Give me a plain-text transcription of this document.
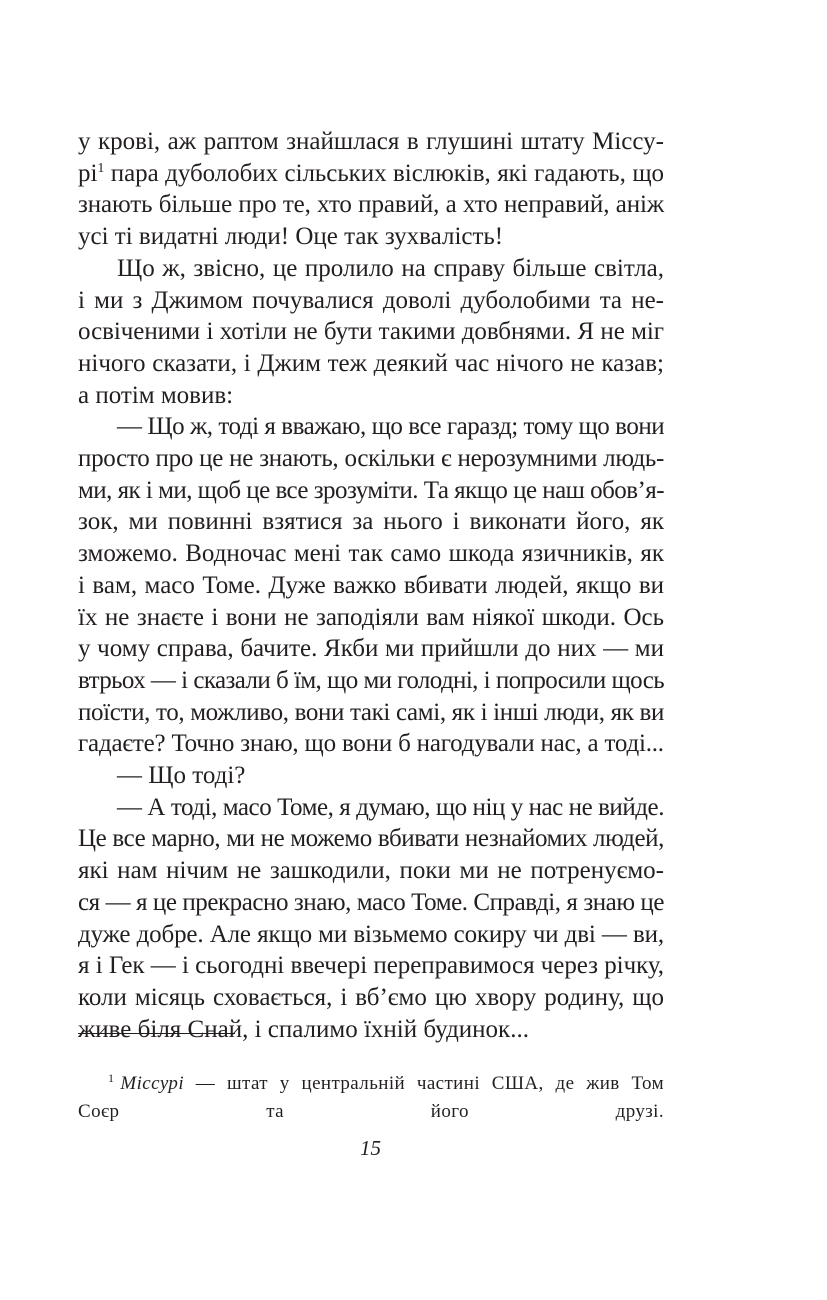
у крові, аж раптом знайшлася в глушині штату Міссу-
рі$^1$ пара дуболобих сільських віслюків, які гадають, що
знають більше про те, хто правий, а хто неправий, аніж
усі ті видатні люди! Оце так зухвалість!
Що ж, звісно, це пролило на справу більше світла,
і ми з Джимом почувалися доволі дуболобими та не-
освіченими і хотіли не бути такими довбнями. Я не міг
нічого сказати, і Джим теж деякий час нічого не казав;
а потім мовив:
— Що ж, тоді я вважаю, що все гаразд; тому що вони
просто про це не знають, оскільки є нерозумними людь-
ми, як і ми, щоб це все зрозуміти. Та якщо це наш обов’я-
зок, ми повинні взятися за нього і виконати його, як
зможемо. Водночас мені так само шкода язичників, як
і вам, масо Томе. Дуже важко вбивати людей, якщо ви
їх не знаєте і вони не заподіяли вам ніякої шкоди. Ось
у чому справа, бачите. Якби ми прийшли до них — ми
втрьох — і сказали б їм, що ми голодні, і попросили щось
поїсти, то, можливо, вони такі самі, як і інші люди, як ви
гадаєте? Точно знаю, що вони б нагодували нас, а тоді...
— Що тоді?
— А тоді, масо Томе, я думаю, що ніц у нас не вийде.
Це все марно, ми не можемо вбивати незнайомих людей,
які нам нічим не зашкодили, поки ми не потренуємо-
ся — я це прекрасно знаю, масо Томе. Справді, я знаю це
дуже добре. Але якщо ми візьмемо сокиру чи дві — ви,
я і Гек — і сьогодні ввечері переправимося через річку,
коли місяць сховається, і вб’ємо цю хвору родину, що
живе біля Снай, і спалимо їхній будинок...
$^1$ Міссурі — штат у центральній частині США, де жив Том
Соєр та його друзі.
15
